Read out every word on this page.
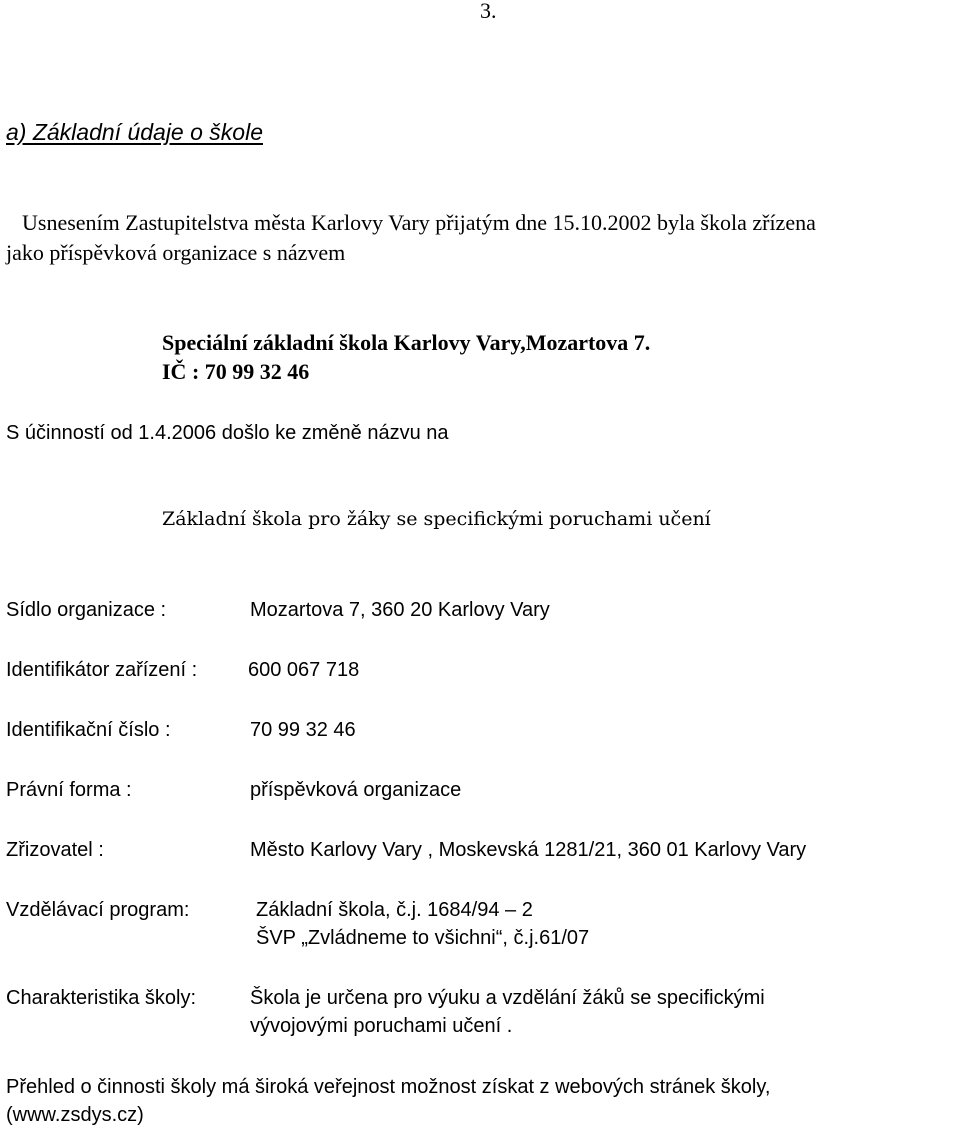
3.
a) Základní údaje o škole
Usnesením Zastupitelstva města Karlovy Vary přijatým dne 15.10.2002 byla škola zřízena
jako příspěvková organizace s názvem
Speciální základní škola Karlovy Vary,Mozartova 7.
IČ : 70 99 32 46
S účinností od 1.4.2006 došlo ke změně názvu na
Základní škola pro žáky se specifickými poruchami učení
Sídlo organizace :	Mozartova 7, 360 20 Karlovy Vary
Identifikátor zařízení :	600 067 718
Identifikační číslo :	70 99 32 46
Právní forma :	příspěvková organizace
Zřizovatel :	Město Karlovy Vary , Moskevská 1281/21, 360 01 Karlovy Vary
Vzdělávací program:	Základní škola, č.j. 1684/94 – 2
ŠVP „Zvládneme to všichni“, č.j.61/07
Charakteristika školy:	Škola je určena pro výuku a vzdělání žáků se specifickými
vývojovými poruchami učení .
Přehled o činnosti školy má široká veřejnost možnost získat z webových stránek školy,
(www.zsdys.cz)
